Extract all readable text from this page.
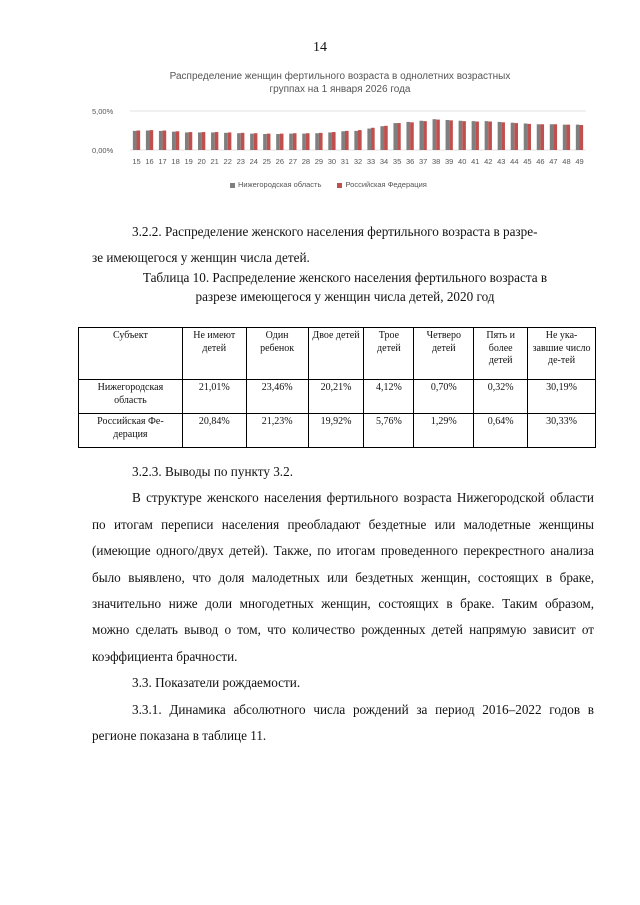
14
Распределение женщин фертильного возраста в однолетних возрастных
группах на 1 января 2026 года
0,00%
5,00%
15 16 17 18 19 20 21 22 23 24 25 26 27 28 29 30 31 32 33 34 35 36 37 38 39 40 41 42 43 44 45 46 47 48 49
Нижегородская область	Российская Федерация

3.2.2. Распределение женского населения фертильного возраста в разре-

зе имеющегося у женщин числа детей.

Таблица 10. Распределение женского населения фертильного возраста в
разрезе имеющегося у женщин числа детей, 2020 год
Субъект	Не имеют детей	Один ребенок	Двое детей	Трое детей	Четверо детей	Пять и более детей	Не ука-завшие число де-тей
Нижегородская область	21,01%	23,46%	20,21%	4,12%	0,70%	0,32%	30,19%
Российская Фе-дерация	20,84%	21,23%	19,92%	5,76%	1,29%	0,64%	30,33%

3.2.3. Выводы по пункту 3.2.

В структуре женского населения фертильного возраста Нижегородской области по итогам переписи населения преобладают бездетные или малодетные женщины (имеющие одного/двух детей). Также, по итогам проведенного перекрестного анализа было выявлено, что доля малодетных или бездетных женщин, состоящих в браке, значительно ниже доли многодетных женщин, состоящих в браке. Таким образом, можно сделать вывод о том, что количество рожденных детей напрямую зависит от коэффициента брачности.

3.3. Показатели рождаемости.

3.3.1. Динамика абсолютного числа рождений за период 2016–2022 годов в регионе показана в таблице 11.
